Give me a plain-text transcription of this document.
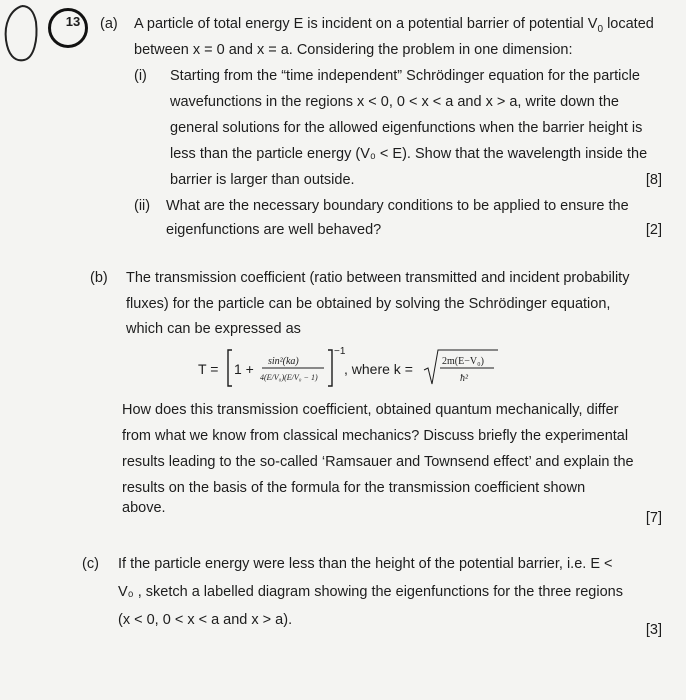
13 (a) A particle of total energy E is incident on a potential barrier of potential $V_0$ located
between x = 0 and x = a. Considering the problem in one dimension:
(i) Starting from the “time independent” Schrödinger equation for the particle
wavefunctions in the regions x < 0, 0 < x < a and x > a, write down the
general solutions for the allowed eigenfunctions when the barrier height is
less than the particle energy (V₀ < E). Show that the wavelength inside the
barrier is larger than outside.	[8]
(ii) What are the necessary boundary conditions to be applied to ensure the
eigenfunctions are well behaved?	[2]
(b) The transmission coefficient (ratio between transmitted and incident probability
fluxes) for the particle can be obtained by solving the Schrödinger equation,
which can be expressed as
T = 1 + sin²(ka)
4(E/V₀)(E/V₀ − 1)
−1
, where k =	2m(E−V₀)
ħ²
How does this transmission coefficient, obtained quantum mechanically, differ
from what we know from classical mechanics? Discuss briefly the experimental
results leading to the so-called ‘Ramsauer and Townsend effect’ and explain the
results on the basis of the formula for the transmission coefficient shown
above.
[7]
(c) If the particle energy were less than the height of the potential barrier, i.e. E <
V₀ , sketch a labelled diagram showing the eigenfunctions for the three regions
(x < 0, 0 < x < a and x > a).
[3]
